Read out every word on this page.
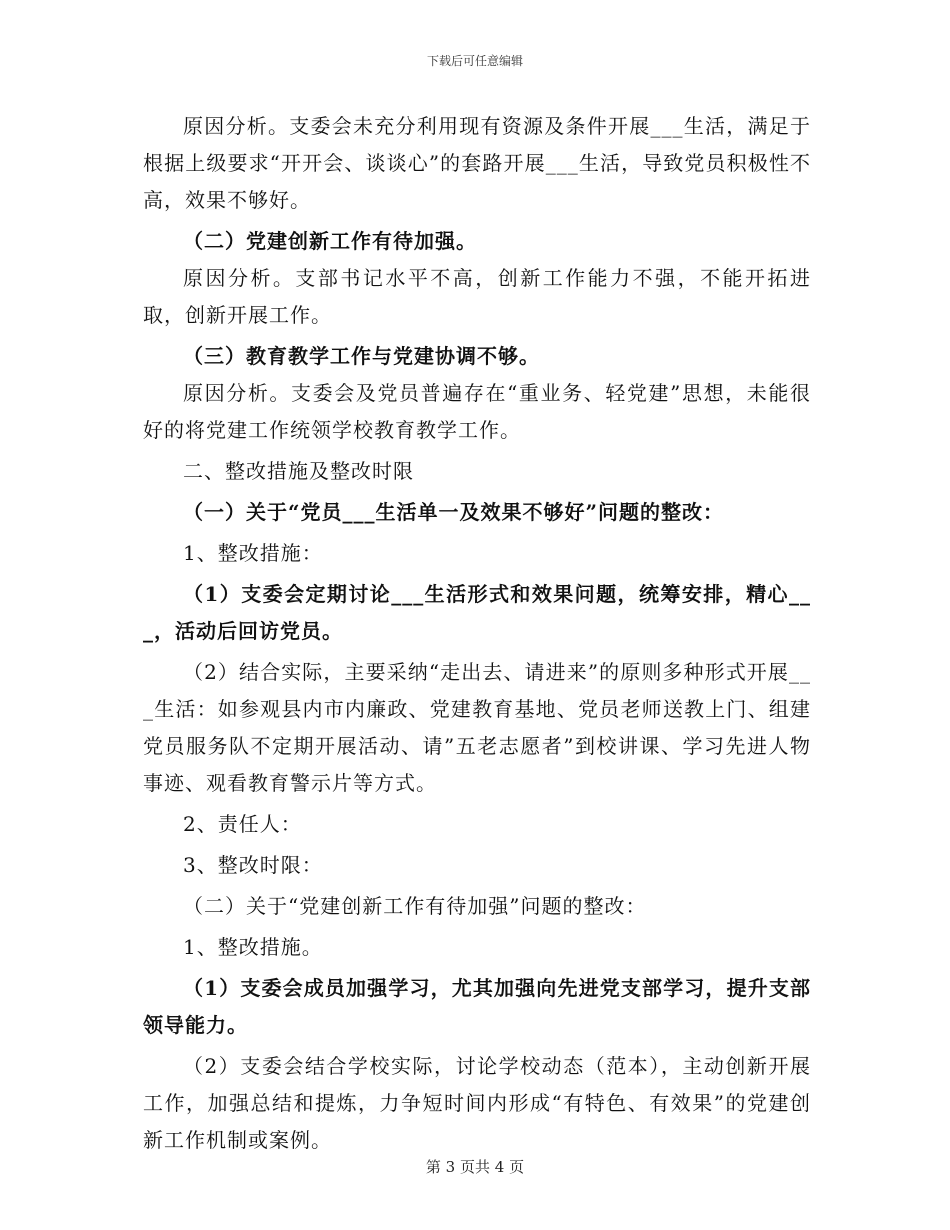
下载后可任意编辑

原因分析。支委会未充分利用现有资源及条件开展___生活，满足于根据上级要求“开开会、谈谈心”的套路开展___生活，导致党员积极性不高，效果不够好。

（二）党建创新工作有待加强。

原因分析。支部书记水平不高，创新工作能力不强，不能开拓进取，创新开展工作。

（三）教育教学工作与党建协调不够。

原因分析。支委会及党员普遍存在“重业务、轻党建”思想，未能很好的将党建工作统领学校教育教学工作。

二、整改措施及整改时限

（一）关于“党员___生活单一及效果不够好”问题的整改：

1、整改措施：

（1）支委会定期讨论___生活形式和效果问题，统筹安排，精心___，活动后回访党员。

（2）结合实际，主要采纳“走出去、请进来”的原则多种形式开展___生活：如参观县内市内廉政、党建教育基地、党员老师送教上门、组建党员服务队不定期开展活动、请”五老志愿者”到校讲课、学习先进人物事迹、观看教育警示片等方式。

2、责任人：

3、整改时限：

（二）关于“党建创新工作有待加强”问题的整改：

1、整改措施。

（1）支委会成员加强学习，尤其加强向先进党支部学习，提升支部领导能力。

（2）支委会结合学校实际，讨论学校动态（范本），主动创新开展工作，加强总结和提炼，力争短时间内形成“有特色、有效果”的党建创新工作机制或案例。

第 3 页共 4 页
